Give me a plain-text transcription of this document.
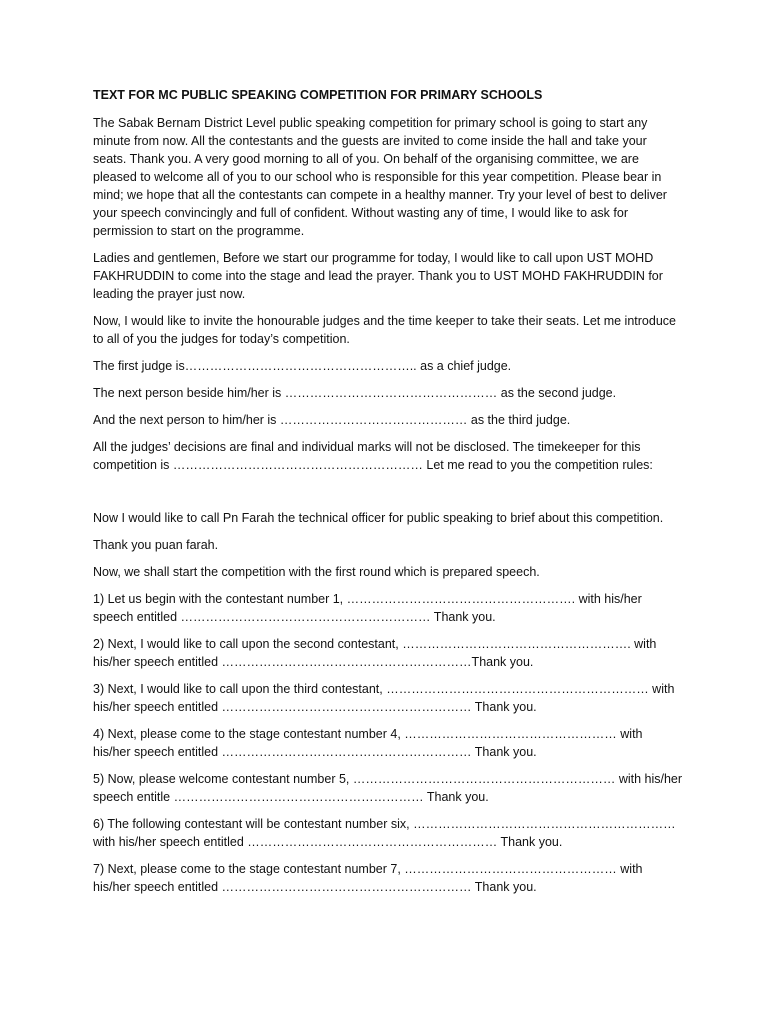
TEXT FOR MC PUBLIC SPEAKING COMPETITION FOR PRIMARY SCHOOLS

The Sabak Bernam District Level public speaking competition for primary school is going to start any minute from now. All the contestants and the guests are invited to come inside the hall and take your seats. Thank you. A very good morning to all of you. On behalf of the organising committee, we are pleased to welcome all of you to our school who is responsible for this year competition. Please bear in mind; we hope that all the contestants can compete in a healthy manner. Try your level of best to deliver your speech convincingly and full of confident. Without wasting any of time, I would like to ask for permission to start on the programme.

Ladies and gentlemen, Before we start our programme for today, I would like to call upon UST MOHD FAKHRUDDIN to come into the stage and lead the prayer. Thank you to UST MOHD FAKHRUDDIN for leading the prayer just now.

Now, I would like to invite the honourable judges and the time keeper to take their seats. Let me introduce to all of you the judges for today’s competition.

The first judge is……………………………………………….. as a chief judge.

The next person beside him/her is …………………………………………… as the second judge.

And the next person to him/her is ……………………………………… as the third judge.

All the judges’ decisions are final and individual marks will not be disclosed. The timekeeper for this competition is …………………………………………………… Let me read to you the competition rules:

Now I would like to call Pn Farah the technical officer for public speaking to brief about this competition.

Thank you puan farah.

Now, we shall start the competition with the first round which is prepared speech.

1) Let us begin with the contestant number 1, ………………………………………………. with his/her speech entitled …………………………………………………… Thank you.

2) Next, I would like to call upon the second contestant, ………………………………………………. with his/her speech entitled ……………………………………………………Thank you.

3) Next, I would like to call upon the third contestant, ……………………………………………………… with his/her speech entitled …………………………………………………… Thank you.

4) Next, please come to the stage contestant number 4, …………………………………………… with his/her speech entitled …………………………………………………… Thank you.

5) Now, please welcome contestant number 5, ……………………………………………………… with his/her speech entitle …………………………………………………… Thank you.

6) The following contestant will be contestant number six, ……………………………………………………… with his/her speech entitled …………………………………………………… Thank you.

7) Next, please come to the stage contestant number 7, …………………………………………… with his/her speech entitled …………………………………………………… Thank you.
